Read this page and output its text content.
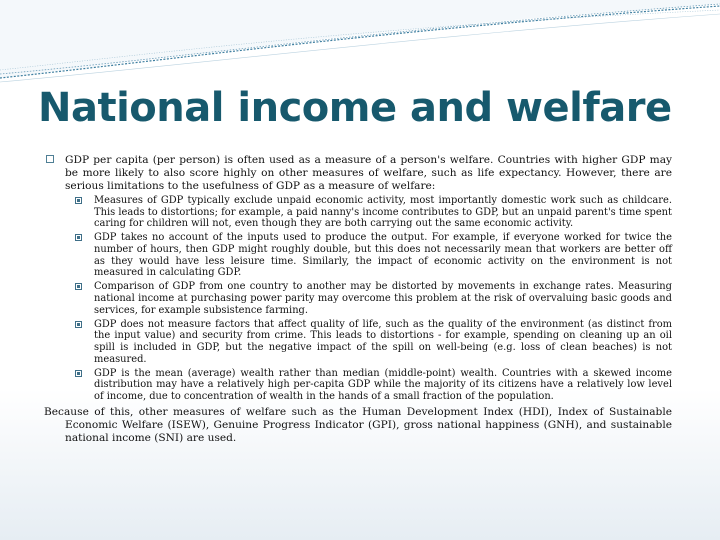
National income and welfare
GDP per capita (per person) is often used as a measure of a person's welfare. Countries with higher GDP may be more likely to also score highly on other measures of welfare, such as life expectancy. However, there are serious limitations to the usefulness of GDP as a measure of welfare:
Measures of GDP typically exclude unpaid economic activity, most importantly domestic work such as childcare. This leads to distortions; for example, a paid nanny's income contributes to GDP, but an unpaid parent's time spent caring for children will not, even though they are both carrying out the same economic activity.
GDP takes no account of the inputs used to produce the output. For example, if everyone worked for twice the number of hours, then GDP might roughly double, but this does not necessarily mean that workers are better off as they would have less leisure time. Similarly, the impact of economic activity on the environment is not measured in calculating GDP.
Comparison of GDP from one country to another may be distorted by movements in exchange rates. Measuring national income at purchasing power parity may overcome this problem at the risk of overvaluing basic goods and services, for example subsistence farming.
GDP does not measure factors that affect quality of life, such as the quality of the environment (as distinct from the input value) and security from crime. This leads to distortions - for example, spending on cleaning up an oil spill is included in GDP, but the negative impact of the spill on well-being (e.g. loss of clean beaches) is not measured.
GDP is the mean (average) wealth rather than median (middle-point) wealth. Countries with a skewed income distribution may have a relatively high per-capita GDP while the majority of its citizens have a relatively low level of income, due to concentration of wealth in the hands of a small fraction of the population.

Because of this, other measures of welfare such as the Human Development Index (HDI), Index of Sustainable Economic Welfare (ISEW), Genuine Progress Indicator (GPI), gross national happiness (GNH), and sustainable national income (SNI) are used.
